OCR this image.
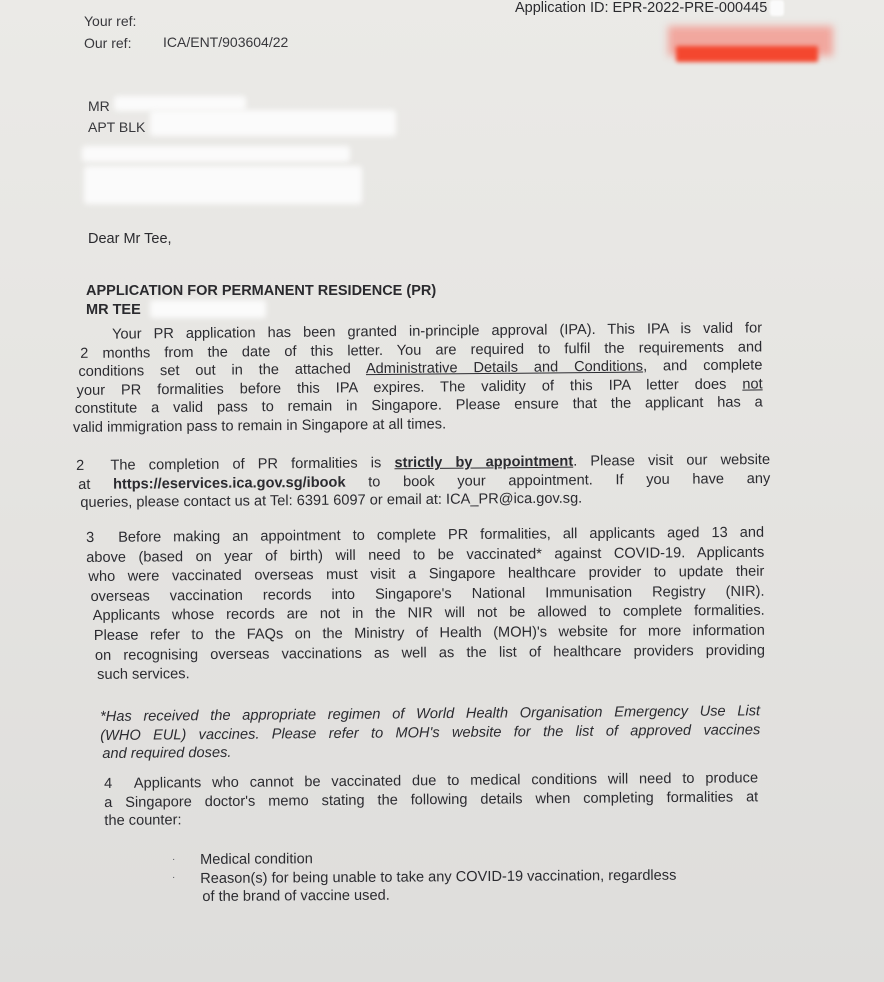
Application ID: EPR-2022-PRE-000445
Your ref:
Our ref: ICA/ENT/903604/22
MR
APT BLK
Dear Mr Tee,
APPLICATION FOR PERMANENT RESIDENCE (PR)
MR TEE
Your PR application has been granted in-principle approval (IPA). This IPA is valid for
2 months from the date of this letter. You are required to fulfil the requirements and
conditions set out in the attached Administrative Details and Conditions, and complete
your PR formalities before this IPA expires. The validity of this IPA letter does not
constitute a valid pass to remain in Singapore. Please ensure that the applicant has a
valid immigration pass to remain in Singapore at all times.
2 The completion of PR formalities is strictly by appointment. Please visit our website
at https://eservices.ica.gov.sg/ibook to book your appointment. If you have any
queries, please contact us at Tel: 6391 6097 or email at: ICA_PR@ica.gov.sg.
3 Before making an appointment to complete PR formalities, all applicants aged 13 and
above (based on year of birth) will need to be vaccinated* against COVID-19. Applicants
who were vaccinated overseas must visit a Singapore healthcare provider to update their
overseas vaccination records into Singapore's National Immunisation Registry (NIR).
Applicants whose records are not in the NIR will not be allowed to complete formalities.
Please refer to the FAQs on the Ministry of Health (MOH)'s website for more information
on recognising overseas vaccinations as well as the list of healthcare providers providing
such services.
*Has received the appropriate regimen of World Health Organisation Emergency Use List
(WHO EUL) vaccines. Please refer to MOH's website for the list of approved vaccines
and required doses.
4 Applicants who cannot be vaccinated due to medical conditions will need to produce
a Singapore doctor's memo stating the following details when completing formalities at
the counter:
·
·
Medical condition
Reason(s) for being unable to take any COVID-19 vaccination, regardless
of the brand of vaccine used.
